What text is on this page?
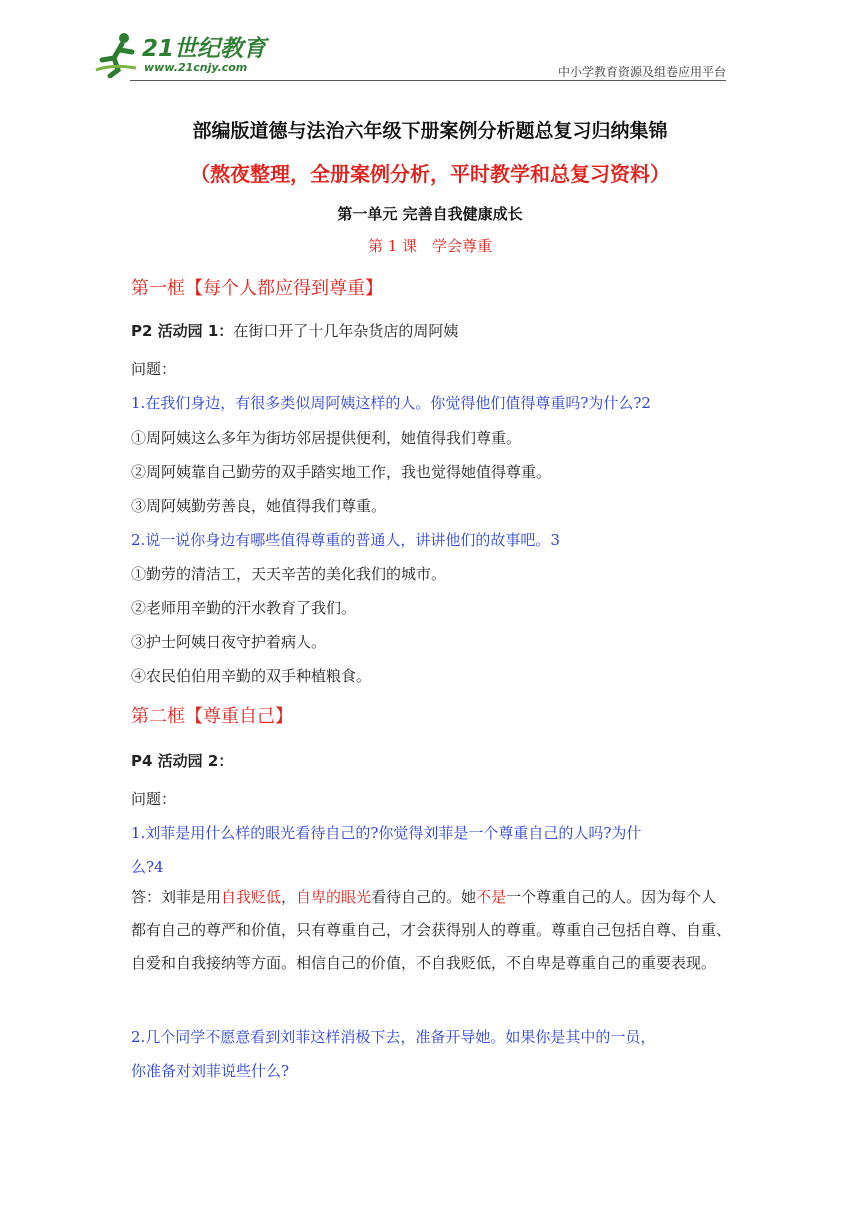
21世纪教育
www.21cnjy.com	中小学教育资源及组卷应用平台
部编版道德与法治六年级下册案例分析题总复习归纳集锦
（熬夜整理，全册案例分析，平时教学和总复习资料）
第一单元 完善自我健康成长
第 1 课　学会尊重
第一框【每个人都应得到尊重】
P2 活动园 1：在街口开了十几年杂货店的周阿姨
问题：
1.在我们身边，有很多类似周阿姨这样的人。你觉得他们值得尊重吗?为什么?2
①周阿姨这么多年为街坊邻居提供便利，她值得我们尊重。
②周阿姨靠自己勤劳的双手踏实地工作，我也觉得她值得尊重。
③周阿姨勤劳善良，她值得我们尊重。
2.说一说你身边有哪些值得尊重的普通人，讲讲他们的故事吧。3
①勤劳的清洁工，天天辛苦的美化我们的城市。
②老师用辛勤的汗水教育了我们。
③护士阿姨日夜守护着病人。
④农民伯伯用辛勤的双手种植粮食。
第二框【尊重自己】
P4 活动园 2：
问题：
1.刘菲是用什么样的眼光看待自己的?你觉得刘菲是一个尊重自己的人吗?为什
么?4
答：刘菲是用自我贬低，自卑的眼光看待自己的。她不是一个尊重自己的人。因为每个人都有自己的尊严和价值，只有尊重自己，才会获得别人的尊重。尊重自己包括自尊、自重、自爱和自我接纳等方面。相信自己的价值，不自我贬低，不自卑是尊重自己的重要表现。
2.几个同学不愿意看到刘菲这样消极下去，准备开导她。如果你是其中的一员，
你准备对刘菲说些什么?
